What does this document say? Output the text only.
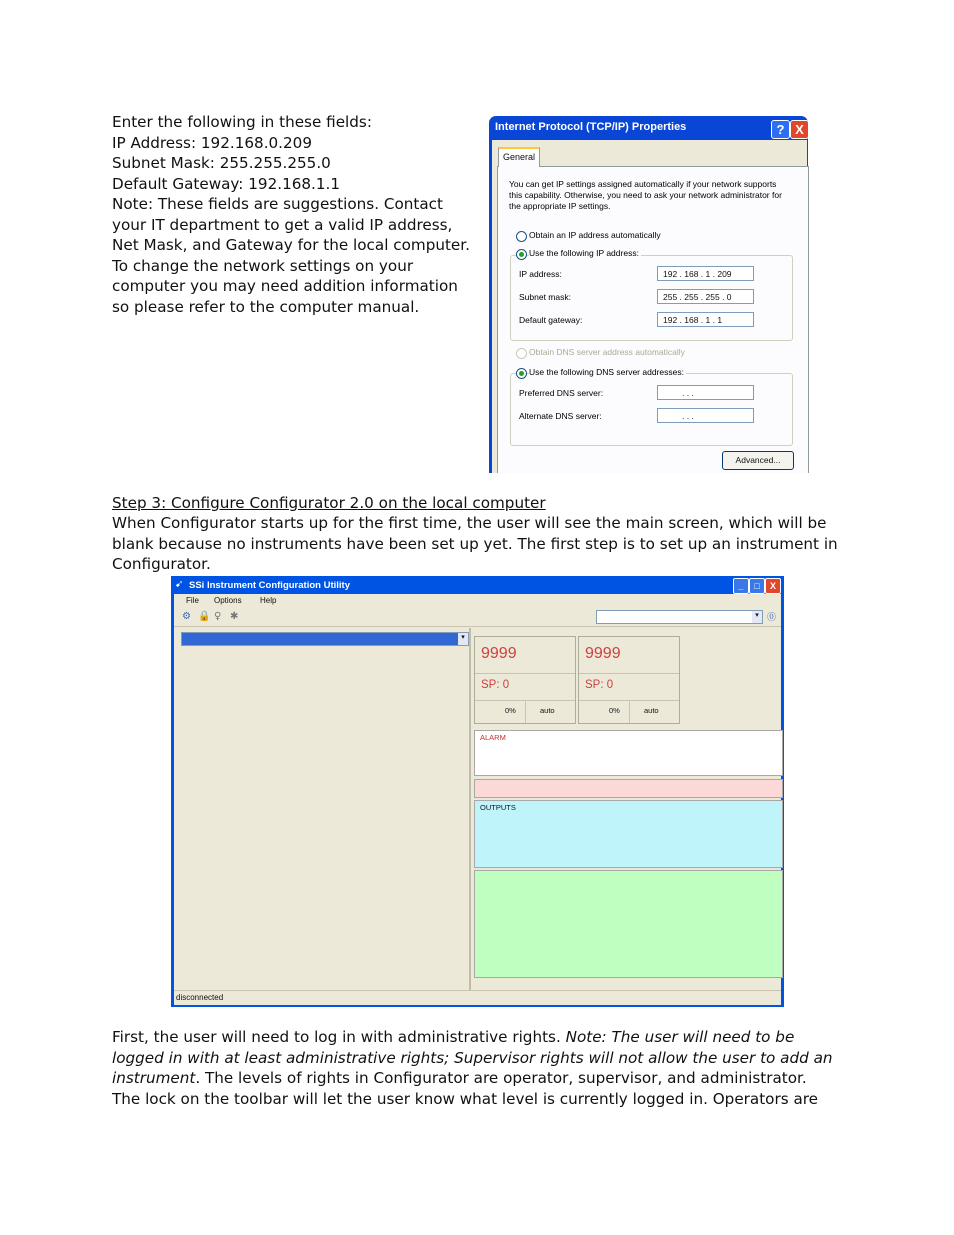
Enter the following in these fields:
IP Address: 192.168.0.209
Subnet Mask: 255.255.255.0
Default Gateway: 192.168.1.1
Note: These fields are suggestions. Contact
your IT department to get a valid IP address,
Net Mask, and Gateway for the local computer.
To change the network settings on your
computer you may need addition information
so please refer to the computer manual.
Internet Protocol (TCP/IP) Properties	? X
You can get IP settings assigned automatically if your network supports
this capability. Otherwise, you need to ask your network administrator for
the appropriate IP settings.
Obtain an IP address automatically
Use the following IP address:
IP address:	192 . 168 . 1 . 209
Subnet mask:	255 . 255 . 255 . 0
Default gateway:	192 . 168 . 1 . 1
Obtain DNS server address automatically
Use the following DNS server addresses:
Preferred DNS server:	. . .
Alternate DNS server:	. . .
Advanced...
General
Step 3: Configure Configurator 2.0 on the local computer
When Configurator starts up for the first time, the user will see the main screen, which will be
blank because no instruments have been set up yet. The first step is to set up an instrument in
Configurator.
➹ SSi Instrument Configuration Utility	_	□	X
File Options Help
⚙ 🔒 ♀ ✱	▾ ⓪
▾
9999
SP: 0
0%	auto
9999
SP: 0
0%	auto
ALARM
OUTPUTS
disconnected
First, the user will need to log in with administrative rights. Note: The user will need to be
logged in with at least administrative rights; Supervisor rights will not allow the user to add an
instrument. The levels of rights in Configurator are operator, supervisor, and administrator.
The lock on the toolbar will let the user know what level is currently logged in. Operators are
